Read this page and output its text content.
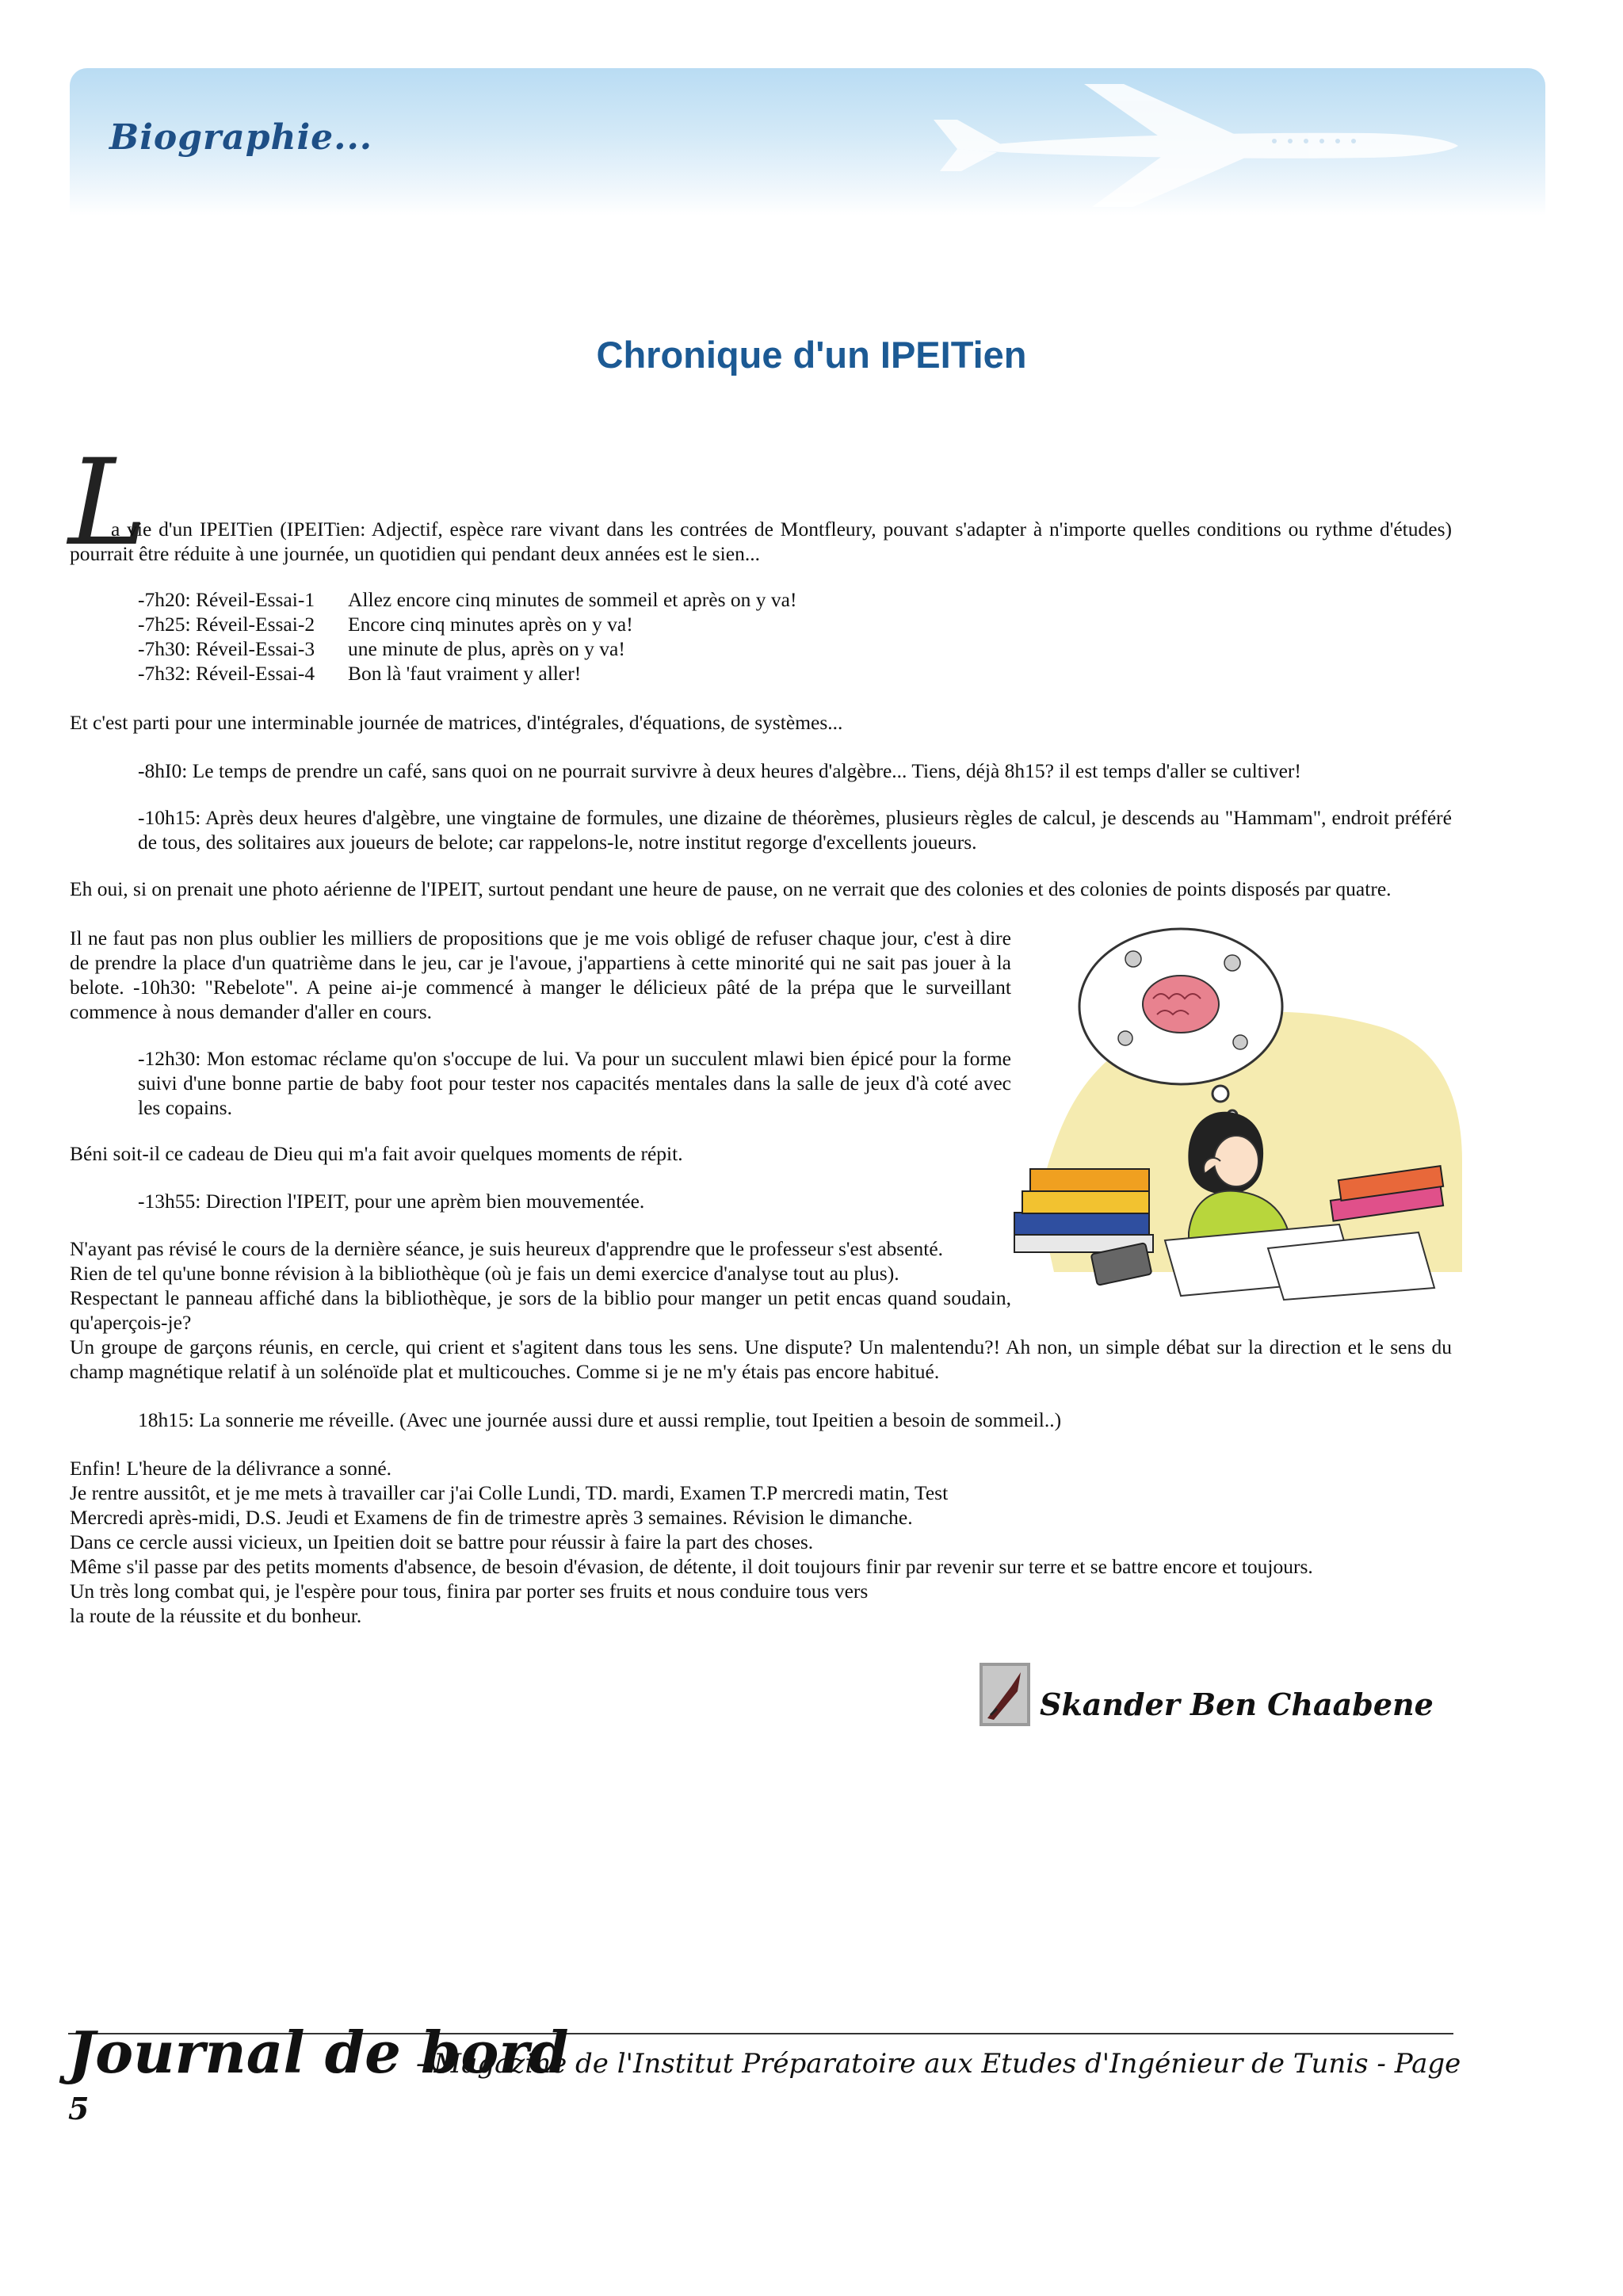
Biographie...
Chronique d'un IPEITien
L
a vie d'un IPEITien (IPEITien: Adjectif, espèce rare vivant dans les contrées de Montfleury, pouvant s'adapter à n'importe quelles conditions ou rythme d'études) pourrait être réduite à une journée, un quotidien qui pendant deux années est le sien...
-7h20: Réveil-Essai-1	Allez encore cinq minutes de sommeil et après on y va!
-7h25: Réveil-Essai-2	Encore cinq minutes après on y va!
-7h30: Réveil-Essai-3	une minute de plus, après on y va!
-7h32: Réveil-Essai-4	Bon là 'faut vraiment y aller!
Et c'est parti pour une interminable journée de matrices, d'intégrales, d'équations, de systèmes...
-8hI0: Le temps de prendre un café, sans quoi on ne pourrait survivre à deux heures d'algèbre... Tiens, déjà 8h15? il est temps d'aller se cultiver!
-10h15: Après deux heures d'algèbre, une vingtaine de formules, une dizaine de théorèmes, plusieurs règles de calcul, je descends au "Hammam", endroit préféré de tous, des solitaires aux joueurs de belote; car rappelons-le, notre institut regorge d'excellents joueurs.
Eh oui, si on prenait une photo aérienne de l'IPEIT, surtout pendant une heure de pause, on ne verrait que des colonies et des colonies de points disposés par quatre.
Il ne faut pas non plus oublier les milliers de propositions que je me vois obligé de refuser chaque jour, c'est à dire de prendre la place d'un quatrième dans le jeu, car je l'avoue, j'appartiens à cette minorité qui ne sait pas jouer à la belote. -10h30: "Rebelote". A peine ai-je commencé à manger le délicieux pâté de la prépa que le surveillant commence à nous demander d'aller en cours.
-12h30: Mon estomac réclame qu'on s'occupe de lui. Va pour un succulent mlawi bien épicé pour la forme suivi d'une bonne partie de baby foot pour tester nos capacités mentales dans la salle de jeux d'à coté avec les copains.
Béni soit-il ce cadeau de Dieu qui m'a fait avoir quelques moments de répit.
-13h55: Direction l'IPEIT, pour une aprèm bien mouvementée.
N'ayant pas révisé le cours de la dernière séance, je suis heureux d'apprendre que le professeur s'est absenté.
Rien de tel qu'une bonne révision à la bibliothèque (où je fais un demi exercice d'analyse tout au plus).
Respectant le panneau affiché dans la bibliothèque, je sors de la biblio pour manger un petit encas quand soudain, qu'aperçois-je?
Un groupe de garçons réunis, en cercle, qui crient et s'agitent dans tous les sens. Une dispute? Un malentendu?! Ah non, un simple débat sur la direction et le sens du champ magnétique relatif à un solénoïde plat et multicouches. Comme si je ne m'y étais pas encore habitué.
18h15: La sonnerie me réveille. (Avec une journée aussi dure et aussi remplie, tout Ipeitien a besoin de sommeil..)
Enfin! L'heure de la délivrance a sonné.
Je rentre aussitôt, et je me mets à travailler car j'ai Colle Lundi, TD. mardi, Examen T.P mercredi matin, Test
Mercredi après-midi, D.S. Jeudi et Examens de fin de trimestre après 3 semaines. Révision le dimanche.
Dans ce cercle aussi vicieux, un Ipeitien doit se battre pour réussir à faire la part des choses.
Même s'il passe par des petits moments d'absence, de besoin d'évasion, de détente, il doit toujours finir par revenir sur terre et se battre encore et toujours.
Un très long combat qui, je l'espère pour tous, finira par porter ses fruits et nous conduire tous vers
la route de la réussite et du bonheur.
Skander Ben Chaabene
Journal de bord
- Magazine de l'Institut Préparatoire aux Etudes d'Ingénieur de Tunis - Page
5
